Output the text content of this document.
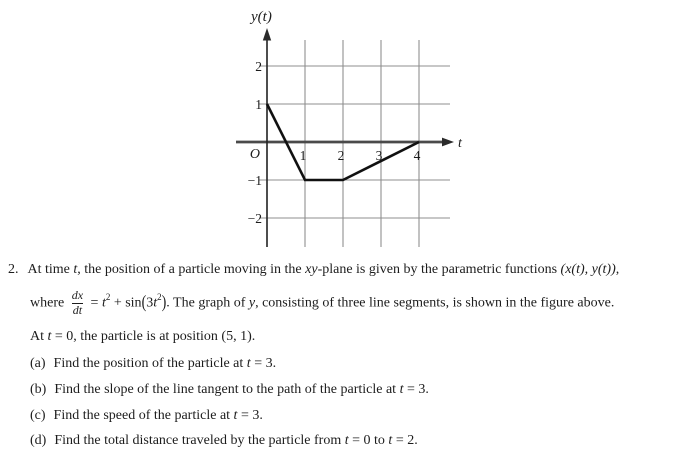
y(t)
t
O
2
1
−1
−2
1 2 3 4
2. At time t, the position of a particle moving in the xy-plane is given by the parametric functions (x(t), y(t)),
where $\frac{dx}{dt} = t^2 + \sin(3t^2)$. The graph of y, consisting of three line segments, is shown in the figure above.
At t = 0, the particle is at position (5, 1).
(a) Find the position of the particle at t = 3.
(b) Find the slope of the line tangent to the path of the particle at t = 3.
(c) Find the speed of the particle at t = 3.
(d) Find the total distance traveled by the particle from t = 0 to t = 2.
